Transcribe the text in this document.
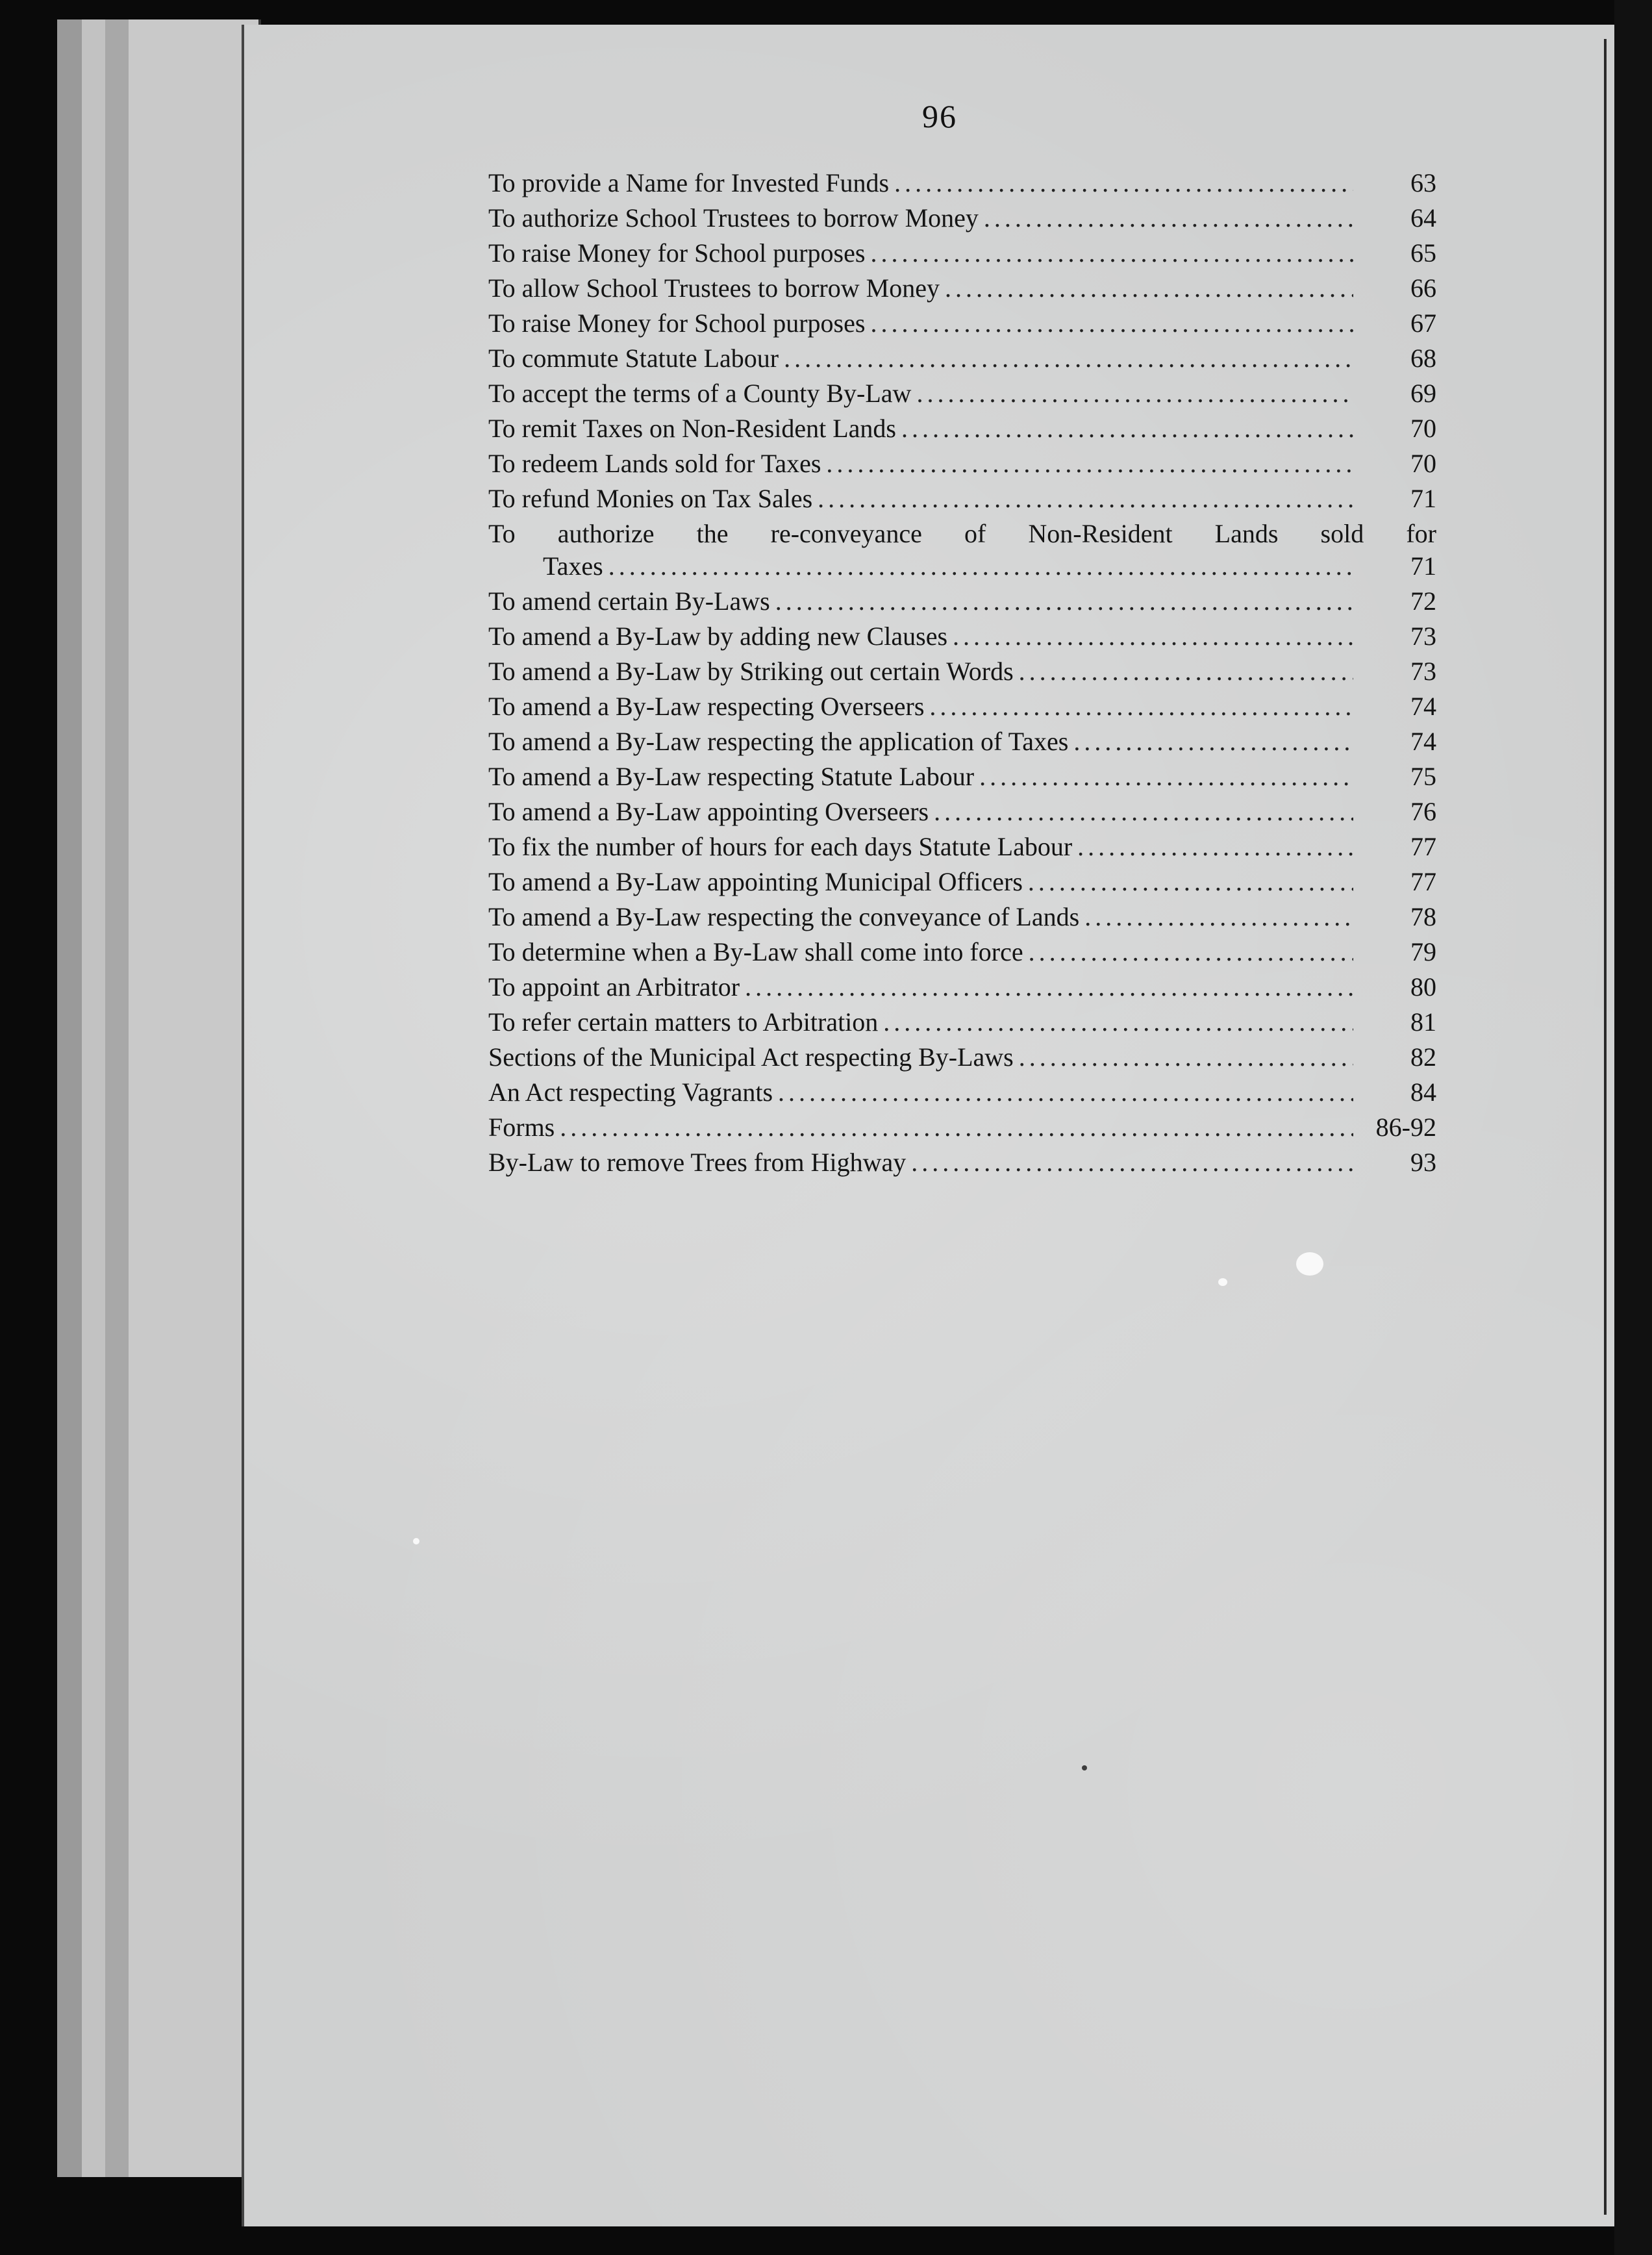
96
To provide a Name for Invested Funds .....	63
To authorize School Trustees to borrow Money .....	64
To raise Money for School purposes .....	65
To allow School Trustees to borrow Money .....	66
To raise Money for School purposes .....	67
To commute Statute Labour .....	68
To accept the terms of a County By-Law .....	69
To remit Taxes on Non-Resident Lands .....	70
To redeem Lands sold for Taxes .....	70
To refund Monies on Tax Sales .....	71
To authorize the re-conveyance of Non-Resident Lands sold for
Taxes .....	71
To amend certain By-Laws .....	72
To amend a By-Law by adding new Clauses .....	73
To amend a By-Law by Striking out certain Words .....	73
To amend a By-Law respecting Overseers .....	74
To amend a By-Law respecting the application of Taxes .....	74
To amend a By-Law respecting Statute Labour .....	75
To amend a By-Law appointing Overseers .....	76
To fix the number of hours for each days Statute Labour .....	77
To amend a By-Law appointing Municipal Officers .....	77
To amend a By-Law respecting the conveyance of Lands .....	78
To determine when a By-Law shall come into force .....	79
To appoint an Arbitrator .....	80
To refer certain matters to Arbitration .....	81
Sections of the Municipal Act respecting By-Laws .....	82
An Act respecting Vagrants .....	84
Forms .....	86-92
By-Law to remove Trees from Highway .....	93
